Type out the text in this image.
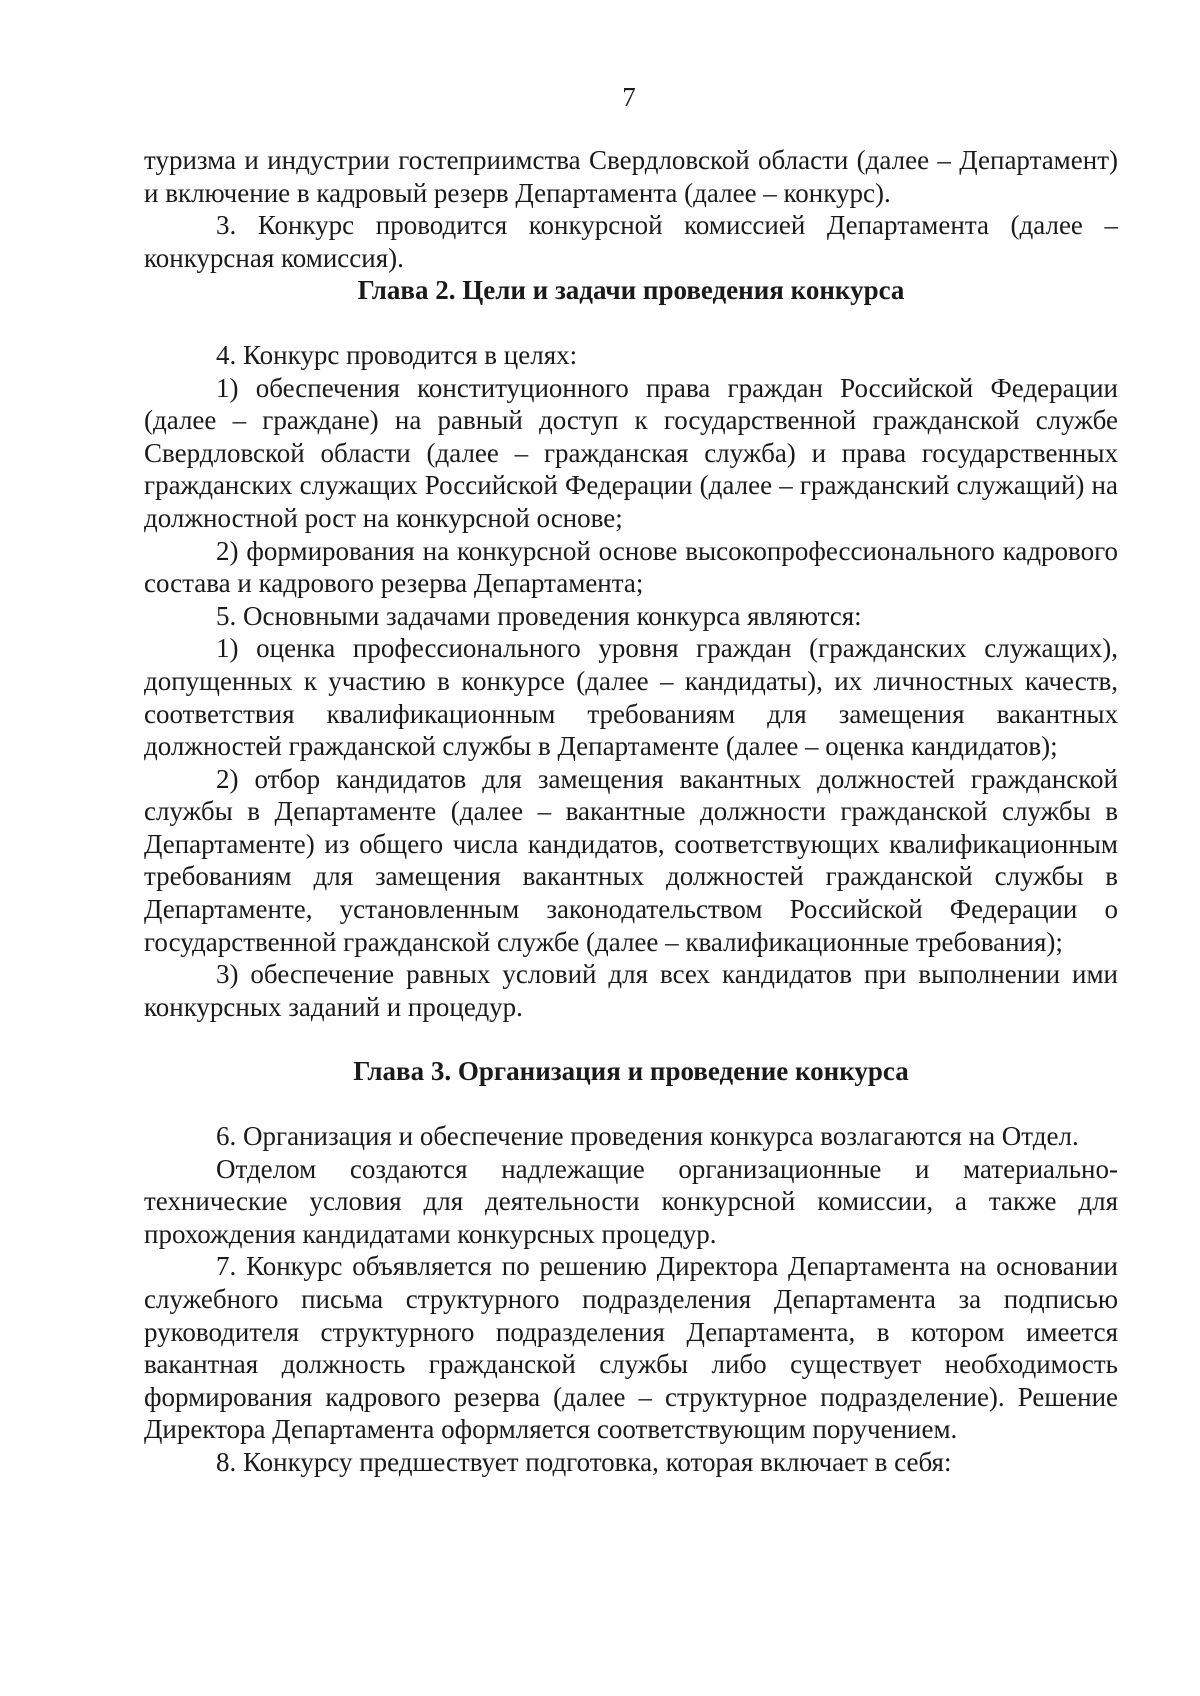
7

туризма и индустрии гостеприимства Свердловской области (далее – Департамент) и включение в кадровый резерв Департамента (далее – конкурс).

3. Конкурс проводится конкурсной комиссией Департамента (далее – конкурсная комиссия).

Глава 2. Цели и задачи проведения конкурса

4. Конкурс проводится в целях:

1) обеспечения конституционного права граждан Российской Федерации (далее – граждане) на равный доступ к государственной гражданской службе Свердловской области (далее – гражданская служба) и права государственных гражданских служащих Российской Федерации (далее – гражданский служащий) на должностной рост на конкурсной основе;

2) формирования на конкурсной основе высокопрофессионального кадрового состава и кадрового резерва Департамента;

5. Основными задачами проведения конкурса являются:

1) оценка профессионального уровня граждан (гражданских служащих), допущенных к участию в конкурсе (далее – кандидаты), их личностных качеств, соответствия квалификационным требованиям для замещения вакантных должностей гражданской службы в Департаменте (далее – оценка кандидатов);

2) отбор кандидатов для замещения вакантных должностей гражданской службы в Департаменте (далее – вакантные должности гражданской службы в Департаменте) из общего числа кандидатов, соответствующих квалификационным требованиям для замещения вакантных должностей гражданской службы в Департаменте, установленным законодательством Российской Федерации о государственной гражданской службе (далее – квалификационные требования);

3) обеспечение равных условий для всех кандидатов при выполнении ими конкурсных заданий и процедур.

Глава 3. Организация и проведение конкурса

6. Организация и обеспечение проведения конкурса возлагаются на Отдел.

Отделом создаются надлежащие организационные и материально-технические условия для деятельности конкурсной комиссии, а также для прохождения кандидатами конкурсных процедур.

7. Конкурс объявляется по решению Директора Департамента на основании служебного письма структурного подразделения Департамента за подписью руководителя структурного подразделения Департамента, в котором имеется вакантная должность гражданской службы либо существует необходимость формирования кадрового резерва (далее – структурное подразделение). Решение Директора Департамента оформляется соответствующим поручением.

8. Конкурсу предшествует подготовка, которая включает в себя:
